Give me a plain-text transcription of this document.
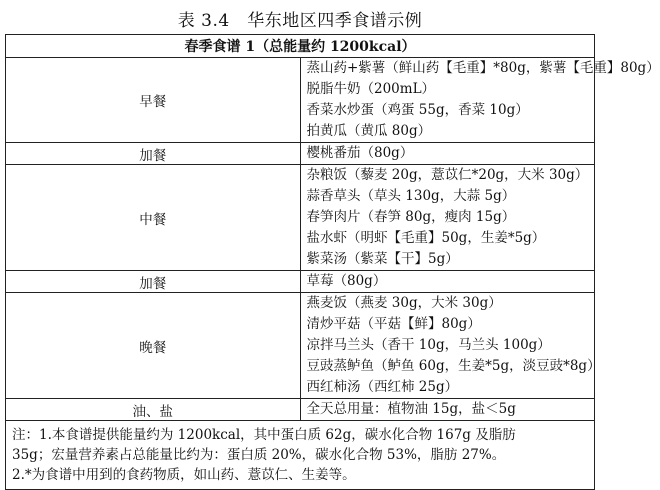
表 3.4　华东地区四季食谱示例
春季食谱 1（总能量约 1200kcal）	
早餐	蒸山药+紫薯（鲜山药【毛重】*80g，紫薯【毛重】80g）
脱脂牛奶（200mL）
香菜水炒蛋（鸡蛋 55g，香菜 10g）
拍黄瓜（黄瓜 80g）

加餐	樱桃番茄（80g）

中餐	杂粮饭（藜麦 20g，薏苡仁*20g，大米 30g）
蒜香草头（草头 130g，大蒜 5g）
春笋肉片（春笋 80g，瘦肉 15g）
盐水虾（明虾【毛重】50g，生姜*5g）
紫菜汤（紫菜【干】5g）

加餐	草莓（80g）

晚餐	燕麦饭（燕麦 30g，大米 30g）
清炒平菇（平菇【鲜】80g）
凉拌马兰头（香干 10g，马兰头 100g）
豆豉蒸鲈鱼（鲈鱼 60g，生姜*5g，淡豆豉*8g）
西红柿汤（西红柿 25g）

油、盐	全天总用量：植物油 15g，盐＜5g

注：1.本食谱提供能量约为 1200kcal，其中蛋白质 62g，碳水化合物 167g 及脂肪
35g；宏量营养素占总能量比约为：蛋白质 20%，碳水化合物 53%，脂肪 27%。
2.*为食谱中用到的食药物质，如山药、薏苡仁、生姜等。	
